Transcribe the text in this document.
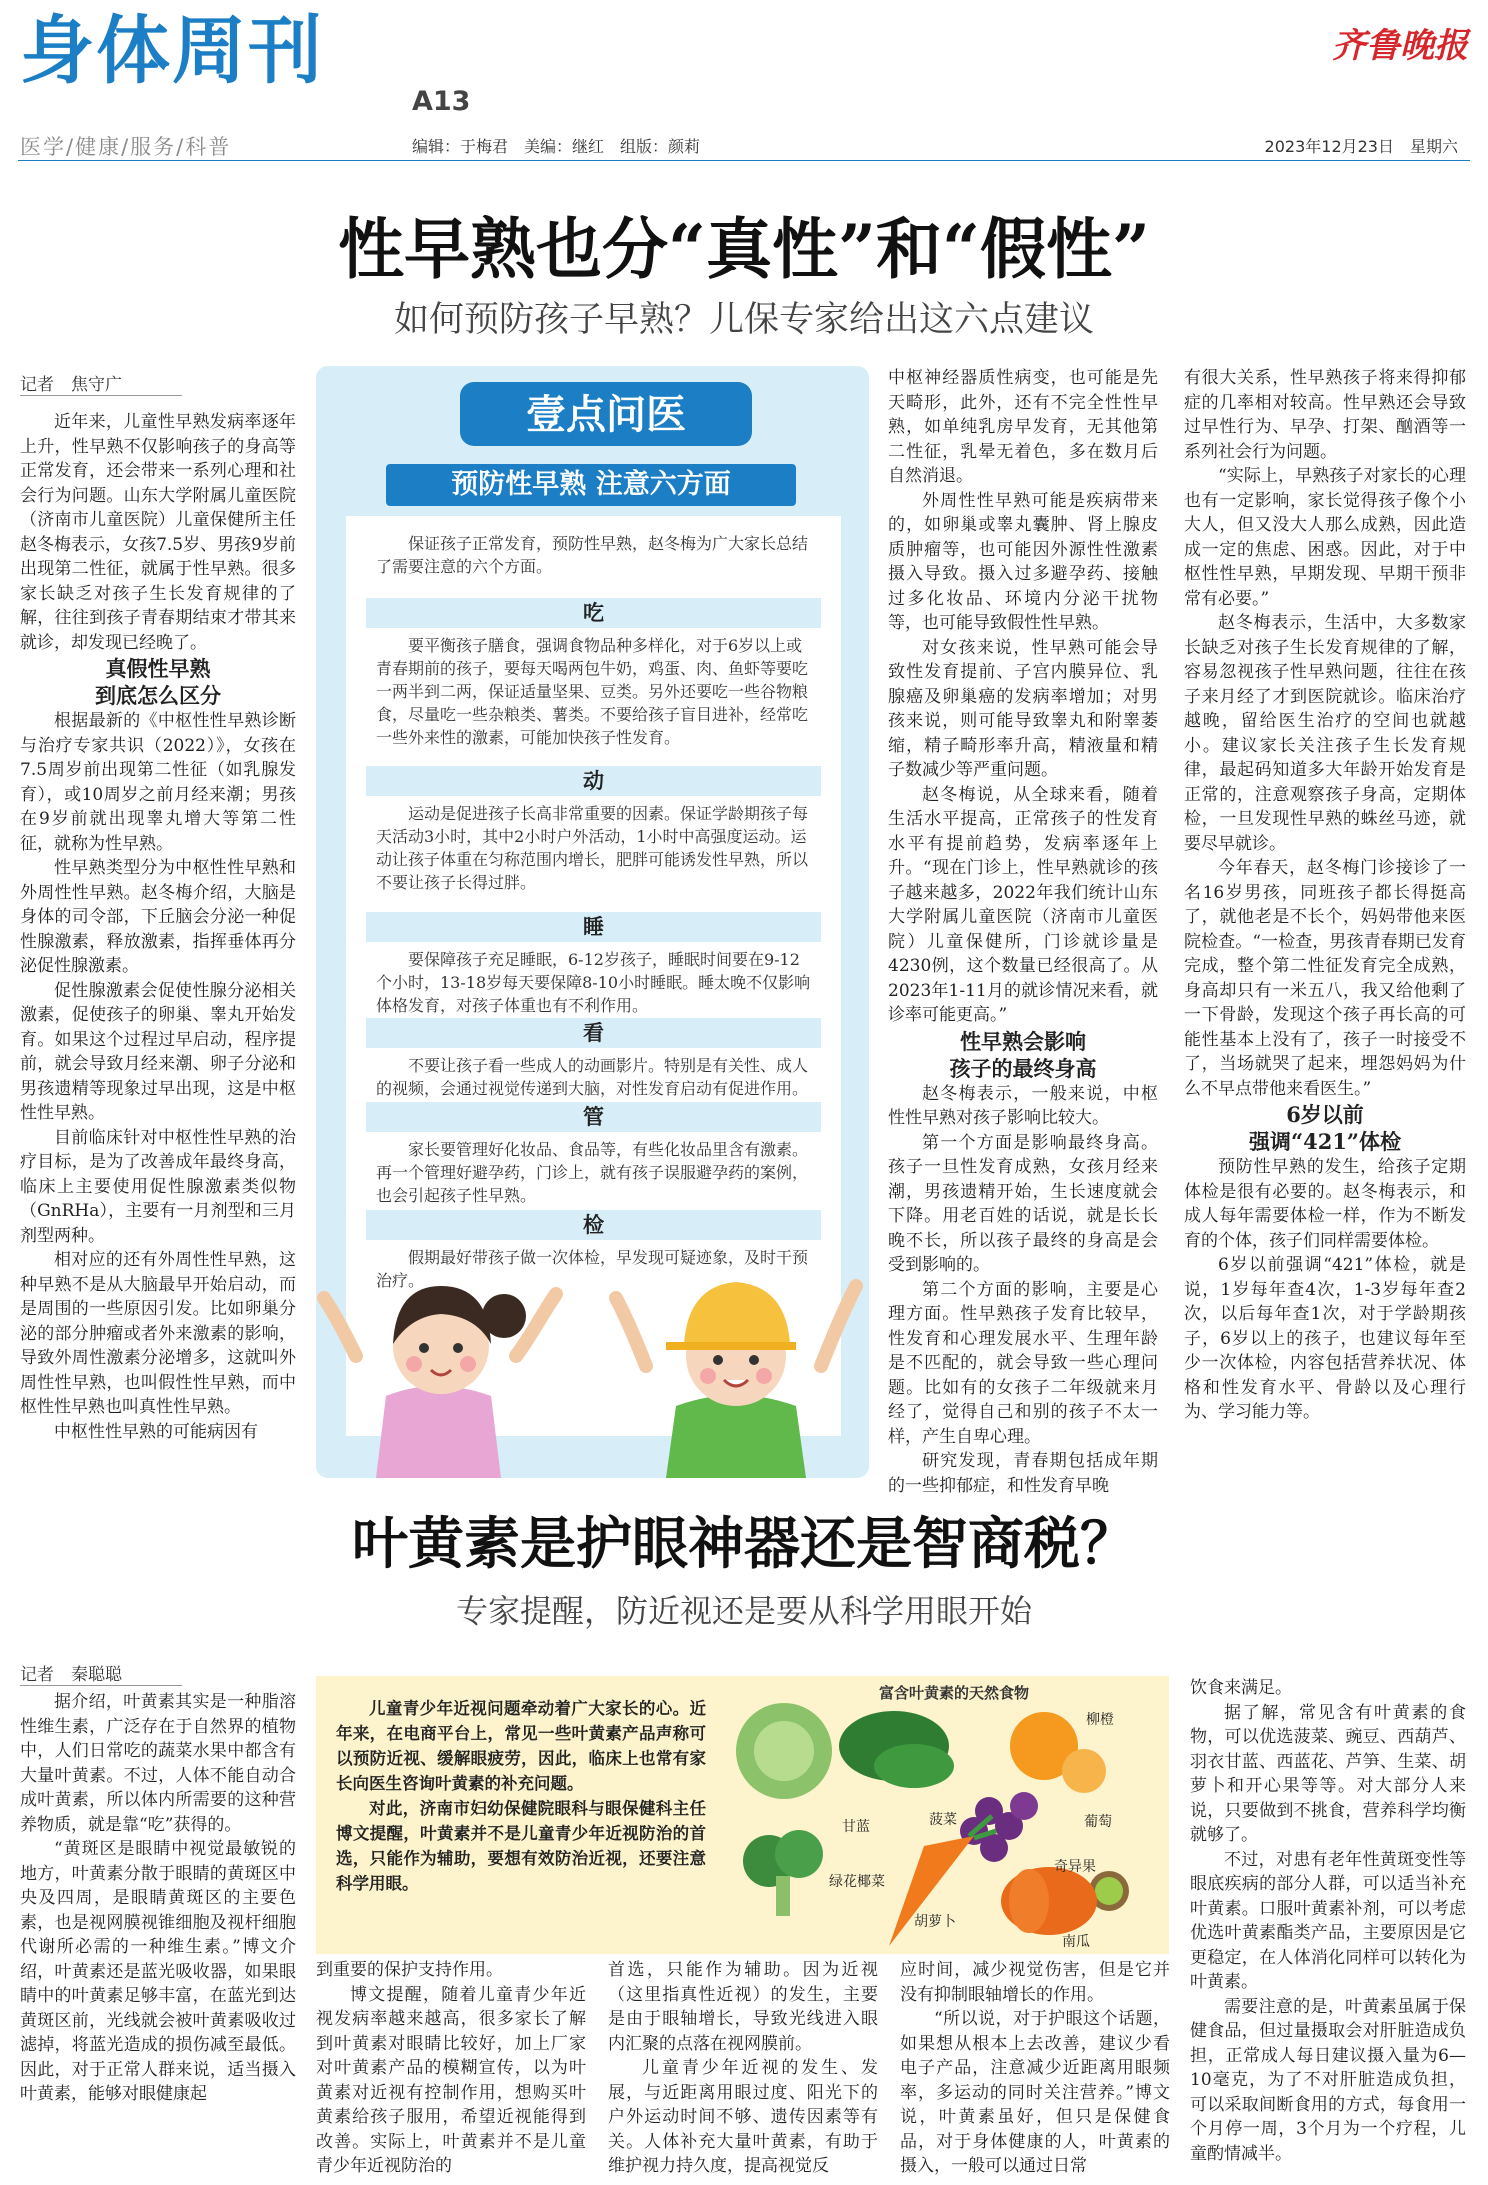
身体周刊
A13
齐鲁晚报
医学/健康/服务/科普	编辑：于梅君　美编：继红　组版：颜莉	2023年12月23日　星期六
性早熟也分“真性”和“假性”
如何预防孩子早熟？儿保专家给出这六点建议
记者　焦守广

近年来，儿童性早熟发病率逐年上升，性早熟不仅影响孩子的身高等正常发育，还会带来一系列心理和社会行为问题。山东大学附属儿童医院（济南市儿童医院）儿童保健所主任赵冬梅表示，女孩7.5岁、男孩9岁前出现第二性征，就属于性早熟。很多家长缺乏对孩子生长发育规律的了解，往往到孩子青春期结束才带其来就诊，却发现已经晚了。

真假性早熟
到底怎么区分

根据最新的《中枢性性早熟诊断与治疗专家共识（2022）》，女孩在7.5周岁前出现第二性征（如乳腺发育），或10周岁之前月经来潮；男孩在9岁前就出现睾丸增大等第二性征，就称为性早熟。

性早熟类型分为中枢性性早熟和外周性性早熟。赵冬梅介绍，大脑是身体的司令部，下丘脑会分泌一种促性腺激素，释放激素，指挥垂体再分泌促性腺激素。

促性腺激素会促使性腺分泌相关激素，促使孩子的卵巢、睾丸开始发育。如果这个过程过早启动，程序提前，就会导致月经来潮、卵子分泌和男孩遗精等现象过早出现，这是中枢性性早熟。

目前临床针对中枢性性早熟的治疗目标，是为了改善成年最终身高，临床上主要使用促性腺激素类似物（GnRHa），主要有一月剂型和三月剂型两种。

相对应的还有外周性性早熟，这种早熟不是从大脑最早开始启动，而是周围的一些原因引发。比如卵巢分泌的部分肿瘤或者外来激素的影响，导致外周性激素分泌增多，这就叫外周性性早熟，也叫假性性早熟，而中枢性性早熟也叫真性性早熟。

中枢性性早熟的可能病因有

壹点问医
预防性早熟 注意六方面
保证孩子正常发育，预防性早熟，赵冬梅为广大家长总结了需要注意的六个方面。
吃
要平衡孩子膳食，强调食物品种多样化，对于6岁以上或青春期前的孩子，要每天喝两包牛奶，鸡蛋、肉、鱼虾等要吃一两半到二两，保证适量坚果、豆类。另外还要吃一些谷物粮食，尽量吃一些杂粮类、薯类。不要给孩子盲目进补，经常吃一些外来性的激素，可能加快孩子性发育。
动
运动是促进孩子长高非常重要的因素。保证学龄期孩子每天活动3小时，其中2小时户外活动，1小时中高强度运动。运动让孩子体重在匀称范围内增长，肥胖可能诱发性早熟，所以不要让孩子长得过胖。
睡
要保障孩子充足睡眠，6-12岁孩子，睡眠时间要在9-12个小时，13-18岁每天要保障8-10小时睡眠。睡太晚不仅影响体格发育，对孩子体重也有不利作用。
看
不要让孩子看一些成人的动画影片。特别是有关性、成人的视频，会通过视觉传递到大脑，对性发育启动有促进作用。
管
家长要管理好化妆品、食品等，有些化妆品里含有激素。再一个管理好避孕药，门诊上，就有孩子误服避孕药的案例，也会引起孩子性早熟。
检
假期最好带孩子做一次体检，早发现可疑迹象，及时干预治疗。

中枢神经器质性病变，也可能是先天畸形，此外，还有不完全性性早熟，如单纯乳房早发育，无其他第二性征，乳晕无着色，多在数月后自然消退。

外周性性早熟可能是疾病带来的，如卵巢或睾丸囊肿、肾上腺皮质肿瘤等，也可能因外源性性激素摄入导致。摄入过多避孕药、接触过多化妆品、环境内分泌干扰物等，也可能导致假性性早熟。

对女孩来说，性早熟可能会导致性发育提前、子宫内膜异位、乳腺癌及卵巢癌的发病率增加；对男孩来说，则可能导致睾丸和附睾萎缩，精子畸形率升高，精液量和精子数减少等严重问题。

赵冬梅说，从全球来看，随着生活水平提高，正常孩子的性发育水平有提前趋势，发病率逐年上升。“现在门诊上，性早熟就诊的孩子越来越多，2022年我们统计山东大学附属儿童医院（济南市儿童医院）儿童保健所，门诊就诊量是4230例，这个数量已经很高了。从2023年1-11月的就诊情况来看，就诊率可能更高。”

性早熟会影响
孩子的最终身高

赵冬梅表示，一般来说，中枢性性早熟对孩子影响比较大。

第一个方面是影响最终身高。孩子一旦性发育成熟，女孩月经来潮，男孩遗精开始，生长速度就会下降。用老百姓的话说，就是长长晚不长，所以孩子最终的身高是会受到影响的。

第二个方面的影响，主要是心理方面。性早熟孩子发育比较早，性发育和心理发展水平、生理年龄是不匹配的，就会导致一些心理问题。比如有的女孩子二年级就来月经了，觉得自己和别的孩子不太一样，产生自卑心理。

研究发现，青春期包括成年期的一些抑郁症，和性发育早晚

有很大关系，性早熟孩子将来得抑郁症的几率相对较高。性早熟还会导致过早性行为、早孕、打架、酗酒等一系列社会行为问题。

“实际上，早熟孩子对家长的心理也有一定影响，家长觉得孩子像个小大人，但又没大人那么成熟，因此造成一定的焦虑、困惑。因此，对于中枢性性早熟，早期发现、早期干预非常有必要。”

赵冬梅表示，生活中，大多数家长缺乏对孩子生长发育规律的了解，容易忽视孩子性早熟问题，往往在孩子来月经了才到医院就诊。临床治疗越晚，留给医生治疗的空间也就越小。建议家长关注孩子生长发育规律，最起码知道多大年龄开始发育是正常的，注意观察孩子身高，定期体检，一旦发现性早熟的蛛丝马迹，就要尽早就诊。

今年春天，赵冬梅门诊接诊了一名16岁男孩，同班孩子都长得挺高了，就他老是不长个，妈妈带他来医院检查。“一检查，男孩青春期已发育完成，整个第二性征发育完全成熟，身高却只有一米五八，我又给他剩了一下骨龄，发现这个孩子再长高的可能性基本上没有了，孩子一时接受不了，当场就哭了起来，埋怨妈妈为什么不早点带他来看医生。”

6岁以前
强调“421”体检

预防性早熟的发生，给孩子定期体检是很有必要的。赵冬梅表示，和成人每年需要体检一样，作为不断发育的个体，孩子们同样需要体检。

6岁以前强调“421”体检，就是说，1岁每年查4次，1-3岁每年查2次，以后每年查1次，对于学龄期孩子，6岁以上的孩子，也建议每年至少一次体检，内容包括营养状况、体格和性发育水平、骨龄以及心理行为、学习能力等。

叶黄素是护眼神器还是智商税？
专家提醒，防近视还是要从科学用眼开始
记者　秦聪聪

据介绍，叶黄素其实是一种脂溶性维生素，广泛存在于自然界的植物中，人们日常吃的蔬菜水果中都含有大量叶黄素。不过，人体不能自动合成叶黄素，所以体内所需要的这种营养物质，就是靠“吃”获得的。

“黄斑区是眼睛中视觉最敏锐的地方，叶黄素分散于眼睛的黄斑区中央及四周，是眼睛黄斑区的主要色素，也是视网膜视锥细胞及视杆细胞代谢所必需的一种维生素。”博文介绍，叶黄素还是蓝光吸收器，如果眼睛中的叶黄素足够丰富，在蓝光到达黄斑区前，光线就会被叶黄素吸收过滤掉，将蓝光造成的损伤减至最低。因此，对于正常人群来说，适当摄入叶黄素，能够对眼健康起

儿童青少年近视问题牵动着广大家长的心。近年来，在电商平台上，常见一些叶黄素产品声称可以预防近视、缓解眼疲劳，因此，临床上也常有家长向医生咨询叶黄素的补充问题。

对此，济南市妇幼保健院眼科与眼保健科主任博文提醒，叶黄素并不是儿童青少年近视防治的首选，只能作为辅助，要想有效防治近视，还要注意科学用眼。

富含叶黄素的天然食物
甘蓝	菠菜
柳橙
葡萄
绿花椰菜
胡萝卜
奇异果
南瓜

到重要的保护支持作用。

博文提醒，随着儿童青少年近视发病率越来越高，很多家长了解到叶黄素对眼睛比较好，加上厂家对叶黄素产品的模糊宣传，以为叶黄素对近视有控制作用，想购买叶黄素给孩子服用，希望近视能得到改善。实际上，叶黄素并不是儿童青少年近视防治的

首选，只能作为辅助。因为近视（这里指真性近视）的发生，主要是由于眼轴增长，导致光线进入眼内汇聚的点落在视网膜前。

儿童青少年近视的发生、发展，与近距离用眼过度、阳光下的户外运动时间不够、遗传因素等有关。人体补充大量叶黄素，有助于维护视力持久度，提高视觉反

应时间，减少视觉伤害，但是它并没有抑制眼轴增长的作用。

“所以说，对于护眼这个话题，如果想从根本上去改善，建议少看电子产品，注意减少近距离用眼频率，多运动的同时关注营养。”博文说，叶黄素虽好，但只是保健食品，对于身体健康的人，叶黄素的摄入，一般可以通过日常

饮食来满足。

据了解，常见含有叶黄素的食物，可以优选菠菜、豌豆、西葫芦、羽衣甘蓝、西蓝花、芦笋、生菜、胡萝卜和开心果等等。对大部分人来说，只要做到不挑食，营养科学均衡就够了。

不过，对患有老年性黄斑变性等眼底疾病的部分人群，可以适当补充叶黄素。口服叶黄素补剂，可以考虑优选叶黄素酯类产品，主要原因是它更稳定，在人体消化同样可以转化为叶黄素。

需要注意的是，叶黄素虽属于保健食品，但过量摄取会对肝脏造成负担，正常成人每日建议摄入量为6—10毫克，为了不对肝脏造成负担，可以采取间断食用的方式，每食用一个月停一周，3个月为一个疗程，儿童酌情减半。
